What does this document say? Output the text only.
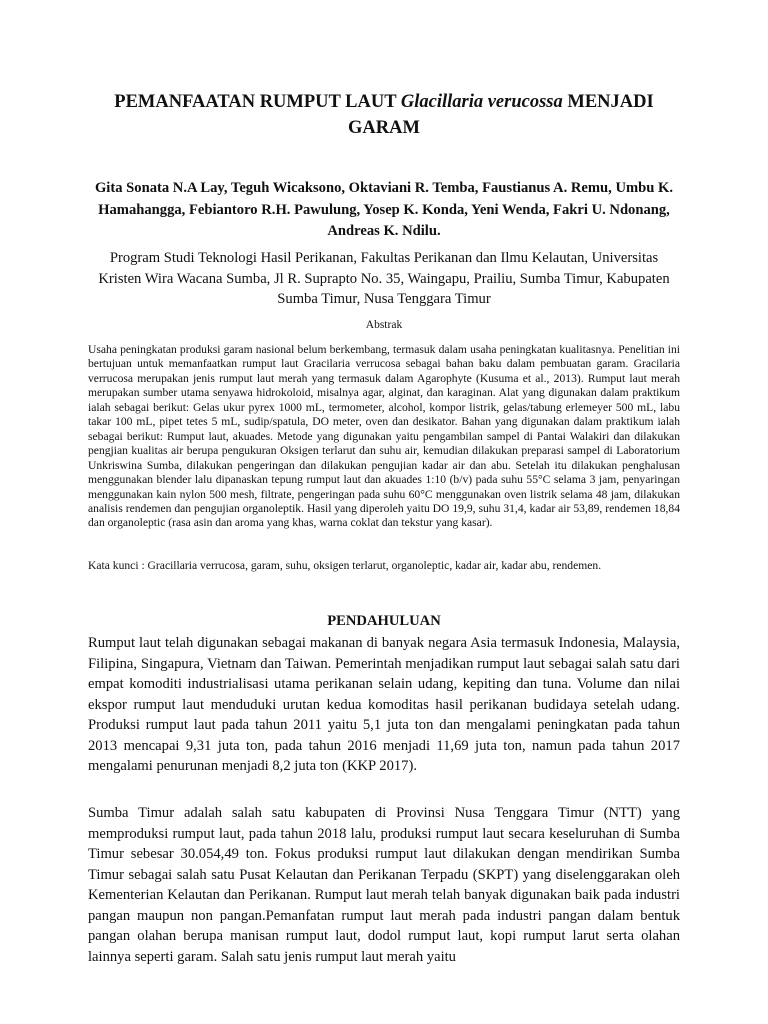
PEMANFAATAN RUMPUT LAUT Glacillaria verucossa MENJADI GARAM

Gita Sonata N.A Lay, Teguh Wicaksono, Oktaviani R. Temba, Faustianus A. Remu, Umbu K. Hamahangga, Febiantoro R.H. Pawulung, Yosep K. Konda, Yeni Wenda, Fakri U. Ndonang, Andreas K. Ndilu.

Program Studi Teknologi Hasil Perikanan, Fakultas Perikanan dan Ilmu Kelautan, Universitas Kristen Wira Wacana Sumba, Jl R. Suprapto No. 35, Waingapu, Prailiu, Sumba Timur, Kabupaten Sumba Timur, Nusa Tenggara Timur

Abstrak

Usaha peningkatan produksi garam nasional belum berkembang, termasuk dalam usaha peningkatan kualitasnya. Penelitian ini bertujuan untuk memanfaatkan rumput laut Gracilaria verrucosa sebagai bahan baku dalam pembuatan garam. Gracilaria verrucosa merupakan jenis rumput laut merah yang termasuk dalam Agarophyte (Kusuma et al., 2013). Rumput laut merah merupakan sumber utama senyawa hidrokoloid, misalnya agar, alginat, dan karaginan. Alat yang digunakan dalam praktikum ialah sebagai berikut: Gelas ukur pyrex 1000 mL, termometer, alcohol, kompor listrik, gelas/tabung erlemeyer 500 mL, labu takar 100 mL, pipet tetes 5 mL, sudip/spatula, DO meter, oven dan desikator. Bahan yang digunakan dalam praktikum ialah sebagai berikut: Rumput laut, akuades. Metode yang digunakan yaitu pengambilan sampel di Pantai Walakiri dan dilakukan pengjian kualitas air berupa pengukuran Oksigen terlarut dan suhu air, kemudian dilakukan preparasi sampel di Laboratorium Unkriswina Sumba, dilakukan pengeringan dan dilakukan pengujian kadar air dan abu. Setelah itu dilakukan penghalusan menggunakan blender lalu dipanaskan tepung rumput laut dan akuades 1:10 (b/v) pada suhu 55°C selama 3 jam, penyaringan menggunakan kain nylon 500 mesh, filtrate, pengeringan pada suhu 60°C menggunakan oven listrik selama 48 jam, dilakukan analisis rendemen dan pengujian organoleptik. Hasil yang diperoleh yaitu DO 19,9, suhu 31,4, kadar air 53,89, rendemen 18,84 dan organoleptic (rasa asin dan aroma yang khas, warna coklat dan tekstur yang kasar).

Kata kunci : Gracillaria verrucosa, garam, suhu, oksigen terlarut, organoleptic, kadar air, kadar abu, rendemen.

PENDAHULUAN

Rumput laut telah digunakan sebagai makanan di banyak negara Asia termasuk Indonesia, Malaysia, Filipina, Singapura, Vietnam dan Taiwan. Pemerintah menjadikan rumput laut sebagai salah satu dari empat komoditi industrialisasi utama perikanan selain udang, kepiting dan tuna. Volume dan nilai ekspor rumput laut menduduki urutan kedua komoditas hasil perikanan budidaya setelah udang. Produksi rumput laut pada tahun 2011 yaitu 5,1 juta ton dan mengalami peningkatan pada tahun 2013 mencapai 9,31 juta ton, pada tahun 2016 menjadi 11,69 juta ton, namun pada tahun 2017 mengalami penurunan menjadi 8,2 juta ton (KKP 2017).

Sumba Timur adalah salah satu kabupaten di Provinsi Nusa Tenggara Timur (NTT) yang memproduksi rumput laut, pada tahun 2018 lalu, produksi rumput laut secara keseluruhan di Sumba Timur sebesar 30.054,49 ton. Fokus produksi rumput laut dilakukan dengan mendirikan Sumba Timur sebagai salah satu Pusat Kelautan dan Perikanan Terpadu (SKPT) yang diselenggarakan oleh Kementerian Kelautan dan Perikanan. Rumput laut merah telah banyak digunakan baik pada industri pangan maupun non pangan.Pemanfatan rumput laut merah pada industri pangan dalam bentuk pangan olahan berupa manisan rumput laut, dodol rumput laut, kopi rumput larut serta olahan lainnya seperti garam. Salah satu jenis rumput laut merah yaitu
